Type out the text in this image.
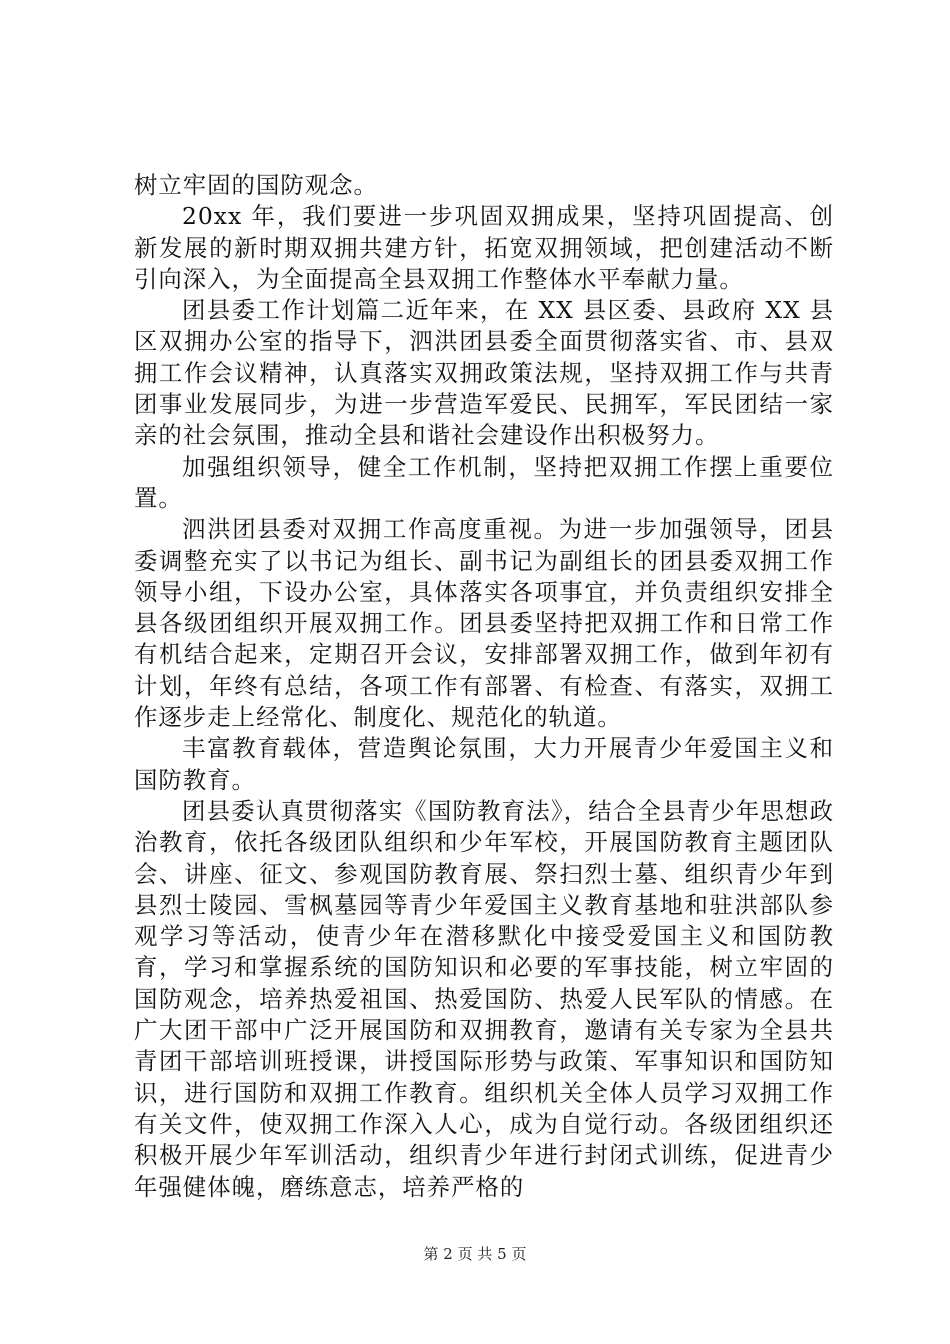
树立牢固的国防观念。

20xx 年，我们要进一步巩固双拥成果，坚持巩固提高、创新发展的新时期双拥共建方针，拓宽双拥领域，把创建活动不断引向深入，为全面提高全县双拥工作整体水平奉献力量。

团县委工作计划篇二近年来，在 XX 县区委、县政府 XX 县区双拥办公室的指导下，泗洪团县委全面贯彻落实省、市、县双拥工作会议精神，认真落实双拥政策法规，坚持双拥工作与共青团事业发展同步，为进一步营造军爱民、民拥军，军民团结一家亲的社会氛围，推动全县和谐社会建设作出积极努力。

加强组织领导，健全工作机制，坚持把双拥工作摆上重要位置。

泗洪团县委对双拥工作高度重视。为进一步加强领导，团县委调整充实了以书记为组长、副书记为副组长的团县委双拥工作领导小组，下设办公室，具体落实各项事宜，并负责组织安排全县各级团组织开展双拥工作。团县委坚持把双拥工作和日常工作有机结合起来，定期召开会议，安排部署双拥工作，做到年初有计划，年终有总结，各项工作有部署、有检查、有落实，双拥工作逐步走上经常化、制度化、规范化的轨道。

丰富教育载体，营造舆论氛围，大力开展青少年爱国主义和国防教育。

团县委认真贯彻落实《国防教育法》，结合全县青少年思想政治教育，依托各级团队组织和少年军校，开展国防教育主题团队会、讲座、征文、参观国防教育展、祭扫烈士墓、组织青少年到县烈士陵园、雪枫墓园等青少年爱国主义教育基地和驻洪部队参观学习等活动，使青少年在潜移默化中接受爱国主义和国防教育，学习和掌握系统的国防知识和必要的军事技能，树立牢固的国防观念，培养热爱祖国、热爱国防、热爱人民军队的情感。在广大团干部中广泛开展国防和双拥教育，邀请有关专家为全县共青团干部培训班授课，讲授国际形势与政策、军事知识和国防知识，进行国防和双拥工作教育。组织机关全体人员学习双拥工作有关文件，使双拥工作深入人心，成为自觉行动。各级团组织还积极开展少年军训活动，组织青少年进行封闭式训练，促进青少年强健体魄，磨练意志，培养严格的

第 2 页 共 5 页
